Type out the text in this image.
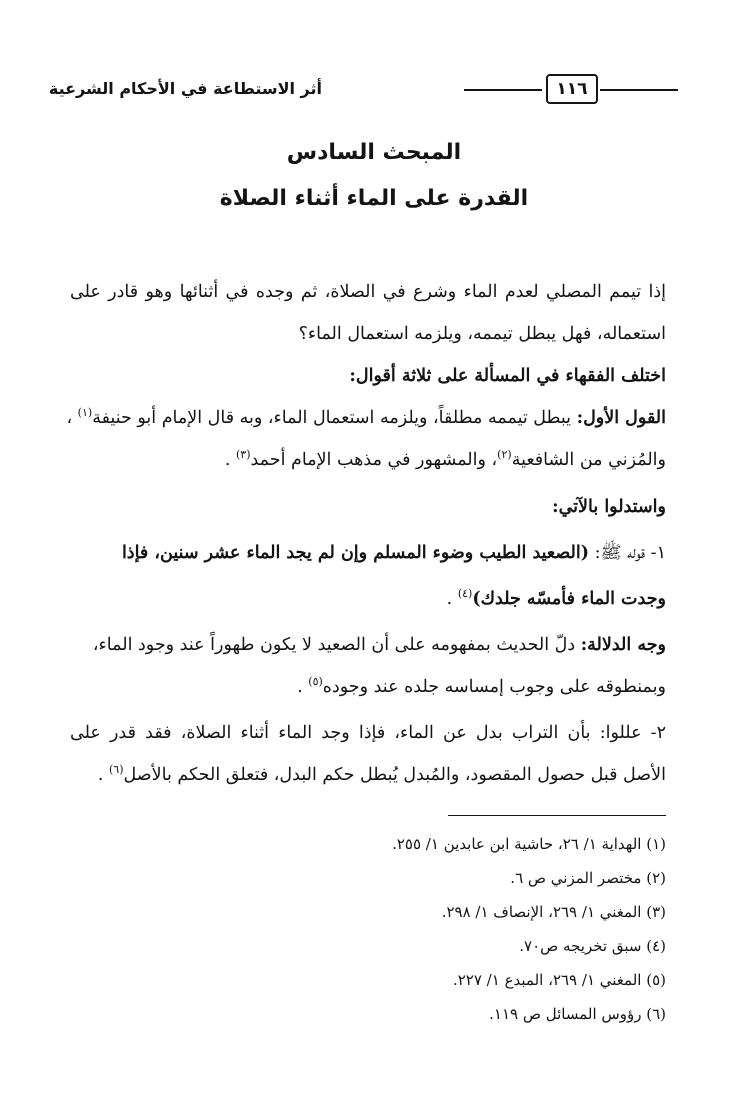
١١٦
أثر الاستطاعة في الأحكام الشرعية
المبحث السادس
القدرة على الماء أثناء الصلاة
إذا تيمم المصلي لعدم الماء وشرع في الصلاة، ثم وجده في أثنائها وهو قادر على
استعماله، فهل يبطل تيممه، ويلزمه استعمال الماء؟
اختلف الفقهاء في المسألة على ثلاثة أقوال:
القول الأول: يبطل تيممه مطلقاً، ويلزمه استعمال الماء، وبه قال الإمام أبو حنيفة$^{(١)}$ ،
والمُزني من الشافعية$^{(٢)}$، والمشهور في مذهب الإمام أحمد$^{(٣)}$ .
واستدلوا بالآتي:
١- قوله ﷺ: (الصعيد الطيب وضوء المسلم وإن لم يجد الماء عشر سنين، فإذا
وجدت الماء فأمسّه جلدك)$^{(٤)}$ .
وجه الدلالة: دلّ الحديث بمفهومه على أن الصعيد لا يكون طهوراً عند وجود الماء،
وبمنطوقه على وجوب إمساسه جلده عند وجوده$^{(٥)}$ .
٢- عللوا: بأن التراب بدل عن الماء، فإذا وجد الماء أثناء الصلاة، فقد قدر على
الأصل قبل حصول المقصود، والمُبدل يُبطل حكم البدل، فتعلق الحكم بالأصل$^{(٦)}$ .
(١) الهداية ١/ ٢٦، حاشية ابن عابدين ١/ ٢٥٥.
(٢) مختصر المزني ص ٦.
(٣) المغني ١/ ٢٦٩، الإنصاف ١/ ٢٩٨.
(٤) سبق تخريجه ص٧٠.
(٥) المغني ١/ ٢٦٩، المبدع ١/ ٢٢٧.
(٦) رؤوس المسائل ص ١١٩.
